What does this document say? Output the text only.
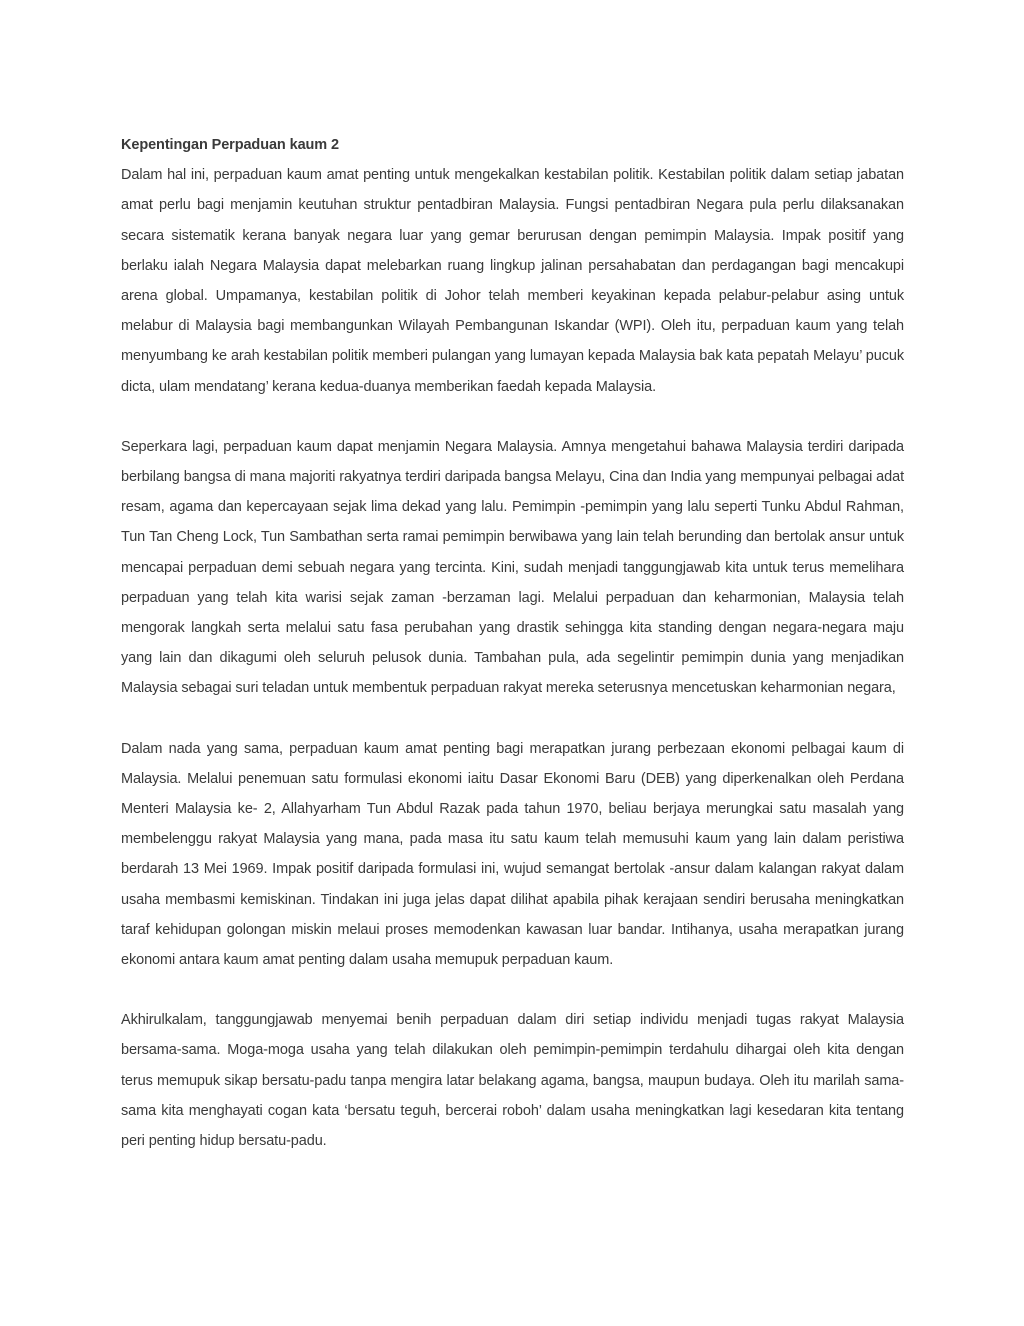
Kepentingan Perpaduan kaum 2

Dalam hal ini, perpaduan kaum amat penting untuk mengekalkan kestabilan politik. Kestabilan politik dalam setiap jabatan amat perlu bagi menjamin keutuhan struktur pentadbiran Malaysia. Fungsi pentadbiran Negara pula perlu dilaksanakan secara sistematik kerana banyak negara luar yang gemar berurusan dengan pemimpin Malaysia. Impak positif yang berlaku ialah Negara Malaysia dapat melebarkan ruang lingkup jalinan persahabatan dan perdagangan bagi mencakupi arena global. Umpamanya, kestabilan politik di Johor telah memberi keyakinan kepada pelabur-pelabur asing untuk melabur di Malaysia bagi membangunkan Wilayah Pembangunan Iskandar (WPI). Oleh itu, perpaduan kaum yang telah menyumbang ke arah kestabilan politik memberi pulangan yang lumayan kepada Malaysia bak kata pepatah Melayu’ pucuk dicta, ulam mendatang’ kerana kedua-duanya memberikan faedah kepada Malaysia.

Seperkara lagi, perpaduan kaum dapat menjamin Negara Malaysia. Amnya mengetahui bahawa Malaysia terdiri daripada berbilang bangsa di mana majoriti rakyatnya terdiri daripada bangsa Melayu, Cina dan India yang mempunyai pelbagai adat resam, agama dan kepercayaan sejak lima dekad yang lalu. Pemimpin -pemimpin yang lalu seperti Tunku Abdul Rahman, Tun Tan Cheng Lock, Tun Sambathan serta ramai pemimpin berwibawa yang lain telah berunding dan bertolak ansur untuk mencapai perpaduan demi sebuah negara yang tercinta. Kini, sudah menjadi tanggungjawab kita untuk terus memelihara perpaduan yang telah kita warisi sejak zaman -berzaman lagi. Melalui perpaduan dan keharmonian, Malaysia telah mengorak langkah serta melalui satu fasa perubahan yang drastik sehingga kita standing dengan negara-negara maju yang lain dan dikagumi oleh seluruh pelusok dunia. Tambahan pula, ada segelintir pemimpin dunia yang menjadikan Malaysia sebagai suri teladan untuk membentuk perpaduan rakyat mereka seterusnya mencetuskan keharmonian negara,

Dalam nada yang sama, perpaduan kaum amat penting bagi merapatkan jurang perbezaan ekonomi pelbagai kaum di Malaysia. Melalui penemuan satu formulasi ekonomi iaitu Dasar Ekonomi Baru (DEB) yang diperkenalkan oleh Perdana Menteri Malaysia ke- 2, Allahyarham Tun Abdul Razak pada tahun 1970, beliau berjaya merungkai satu masalah yang membelenggu rakyat Malaysia yang mana, pada masa itu satu kaum telah memusuhi kaum yang lain dalam peristiwa berdarah 13 Mei 1969. Impak positif daripada formulasi ini, wujud semangat bertolak -ansur dalam kalangan rakyat dalam usaha membasmi kemiskinan. Tindakan ini juga jelas dapat dilihat apabila pihak kerajaan sendiri berusaha meningkatkan taraf kehidupan golongan miskin melaui proses memodenkan kawasan luar bandar. Intihanya, usaha merapatkan jurang ekonomi antara kaum amat penting dalam usaha memupuk perpaduan kaum.

Akhirulkalam, tanggungjawab menyemai benih perpaduan dalam diri setiap individu menjadi tugas rakyat Malaysia bersama-sama. Moga-moga usaha yang telah dilakukan oleh pemimpin-pemimpin terdahulu dihargai oleh kita dengan terus memupuk sikap bersatu-padu tanpa mengira latar belakang agama, bangsa, maupun budaya. Oleh itu marilah sama-sama kita menghayati cogan kata ‘bersatu teguh, bercerai roboh’ dalam usaha meningkatkan lagi kesedaran kita tentang peri penting hidup bersatu-padu.
